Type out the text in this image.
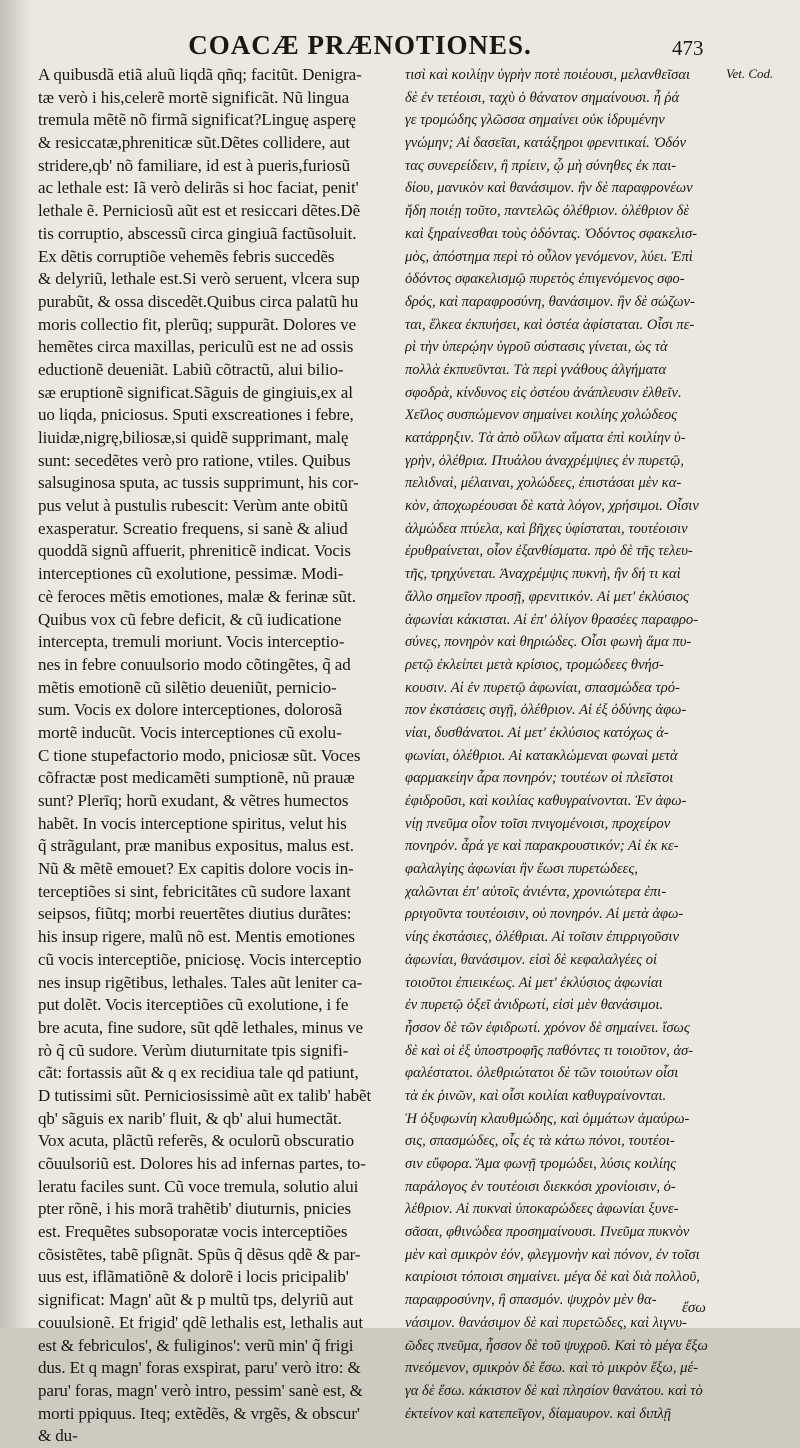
COACÆ PRÆNOTIONES.	473
Vet. Cod.
A quibusdã etiã aluũ liqdã qñq; facitũt. Denigra-
tæ verò i his,celerẽ mortẽ significãt. Nũ lingua
tremula mẽtẽ nõ firmã significat?Linguę asperę
& resiccatæ,phreniticæ sũt.Dẽtes collidere, aut
stridere,qb' nõ familiare, id est à pueris,furiosũ
ac lethale est: Iã verò delirãs si hoc faciat, penit'
lethale ẽ. Perniciosũ aũt est et resiccari dẽtes.Dẽ
tis corruptio, abscessũ circa gingiuã factũsoluit.
Ex dẽtis corruptiõe vehemẽs febris succedẽs
& delyriũ, lethale est.Si verò seruent, vlcera sup
purabũt, & ossa discedẽt.Quibus circa palatũ hu
moris collectio fit, plerũq; suppurãt. Dolores ve
hemẽtes circa maxillas, periculũ est ne ad ossis
eductionẽ deueniãt. Labiũ cõtractũ, alui bilio-
sæ eruptionẽ significat.Sãguis de gingiuis,ex al
uo liqda, pniciosus. Sputi exscreationes i febre,
liuidæ,nigrę,biliosæ,si quidẽ supprimant, malę
sunt: secedẽtes verò pro ratione, vtiles. Quibus
salsuginosa sputa, ac tussis supprimunt, his cor-
pus velut à pustulis rubescit: Verùm ante obitũ
exasperatur. Screatio frequens, si sanè & aliud
quoddã signũ affuerit, phreniticẽ indicat. Vocis
interceptiones cũ exolutione, pessimæ. Modi-
cè feroces mẽtis emotiones, malæ & ferinæ sũt.
Quibus vox cũ febre deficit, & cũ iudicatione
intercepta, tremuli moriunt. Vocis interceptio-
nes in febre conuulsorio modo cõtingẽtes, q̃ ad
mẽtis emotionẽ cũ silẽtio deueniũt, pernicio-
sum. Vocis ex dolore interceptiones, dolorosã
mortẽ inducũt. Vocis interceptiones cũ exolu-
C tione stupefactorio modo, pniciosæ sũt. Voces
cõfractæ post medicamẽti sumptionẽ, nũ prauæ
sunt? Plerīq; horũ exudant, & vẽtres humectos
habẽt. In vocis interceptione spiritus, velut his
q̃ strãgulant, præ manibus expositus, malus est.
Nũ & mẽtẽ emouet? Ex capitis dolore vocis in-
terceptiões si sint, febricitãtes cũ sudore laxant
seipsos, fiũtq; morbi reuertẽtes diutius durãtes:
his insup rigere, malũ nõ est. Mentis emotiones
cũ vocis interceptiõe, pniciosę. Vocis interceptio
nes insup rigẽtibus, lethales. Tales aũt leniter ca-
put dolẽt. Vocis iterceptiões cũ exolutione, i fe
bre acuta, fine sudore, sũt qdẽ lethales, minus ve
rò q̃ cũ sudore. Verùm diuturnitate tpis signifi-
cãt: fortassis aũt & q ex recidiua tale qd patiunt,
D tutissimi sũt. Perniciosissimè aũt ex talib' habẽt
qb' sãguis ex narib' fluit, & qb' alui humectãt.
Vox acuta, plãctũ referẽs, & oculorũ obscuratio
cõuulsoriũ est. Dolores his ad infernas partes, to-
leratu faciles sunt. Cũ voce tremula, solutio alui
pter rõnẽ, i his morã trahẽtib' diuturnis, pnicies
est. Frequẽtes subsoporatæ vocis interceptiões
cõsistẽtes, tabẽ pſignãt. Spũs q̃ dẽsus qdẽ & par-
uus est, iflãmatiõnẽ & dolorẽ i locis pricipalib'
significat: Magn' aũt & p multũ tps, delyriũ aut
couulsionẽ. Et frigid' qdẽ lethalis est, lethalis aut
est & febriculos', & fuliginos': verũ min' q̃ frigi
dus. Et q magn' foras exspirat, paru' verò itro: &
paru' foras, magn' verò intro, pessim' sanè est, &
morti ppiquus. Iteq; extẽdẽs, & vrgẽs, & obscur'
& du-
τισὶ καὶ κοιλίῃν ὑγρὴν ποτὲ ποιέουσι, μελανθεῖσαι
δὲ ἐν τετέοισι, ταχὺ ὁ θάνατον σημαίνουσι. ἦ ῥά
γε τρομώδης γλῶσσα σημαίνει οὐκ ἱδρυμένην
γνώμην; Αἱ δασεῖαι, κατάξηροι φρενιτικαί. Ὀδόν
τας συνερείδειν, ἢ πρίειν, ᾧ μὴ σύνηθες ἐκ παι-
δίου, μανικὸν καὶ θανάσιμον. ἢν δὲ παραφρονέων
ἤδη ποιέῃ τοῦτο, παντελῶς ὀλέθριον. ὀλέθριον δὲ
καὶ ξηραίνεσθαι τοὺς ὀδόντας. Ὀδόντος σφακελισ-
μὸς, ἀπόστημα περὶ τὸ οὖλον γενόμενον, λύει. Ἐπὶ
ὀδόντος σφακελισμῷ πυρετὸς ἐπιγενόμενος σφο-
δρός, καὶ παραφροσύνη, θανάσιμον. ἢν δὲ σώζων-
ται, ἕλκεα ἐκπυήσει, καὶ ὀστέα ἀφίσταται. Οἷσι πε-
ρὶ τὴν ὑπερῴην ὑγροῦ σύστασις γίνεται, ὡς τὰ
πολλὰ ἐκπυεῦνται. Τὰ περὶ γνάθους ἀλγήματα
σφοδρὰ, κίνδυνος εἰς ὀστέου ἀνάπλευσιν ἐλθεῖν.
Χεῖλος συσπώμενον σημαίνει κοιλίης χολώδεος
κατάρρηξιν. Τὰ ἀπὸ οὔλων αἵματα ἐπὶ κοιλίην ὑ-
γρὴν, ὀλέθρια. Πτυάλου ἀναχρέμψιες ἐν πυρετῷ,
πελιδναὶ, μέλαιναι, χολώδεες, ἐπιστάσαι μὲν κα-
κὸν, ἀποχωρέουσαι δὲ κατὰ λόγον, χρήσιμοι. Οἷσιν
ἁλμώδεα πτύελα, καὶ βῆχες ὑφίσταται, τουτέοισιν
ἐρυθραίνεται, οἷον ἐξανθίσματα. πρὸ δὲ τῆς τελευ-
τῆς, τρηχύνεται. Ἀναχρέμψις πυκνὴ, ἢν δή τι καὶ
ἄλλο σημεῖον προσῇ, φρενιτικόν. Αἱ μετ' ἐκλύσιος
ἀφωνίαι κάκισται. Αἱ ἐπ' ὀλίγον θρασέες παραφρο-
σύνες, πονηρὸν καὶ θηριώδες. Οἷσι φωνὴ ἅμα πυ-
ρετῷ ἐκλείπει μετὰ κρίσιος, τρομώδεες θνήσ-
κουσιν. Αἱ ἐν πυρετῷ ἀφωνίαι, σπασμώδεα τρό-
πον ἐκστάσεις σιγῇ, ὀλέθριον. Αἱ ἐξ ὀδύνης ἀφω-
νίαι, δυσθάνατοι. Αἱ μετ' ἐκλύσιος κατόχως ἀ-
φωνίαι, ὀλέθριοι. Αἱ κατακλώμεναι φωναὶ μετὰ
φαρμακείην ἆρα πονηρόν; τουτέων οἱ πλεῖστοι
ἐφιδροῦσι, καὶ κοιλίας καθυγραίνονται. Ἐν ἀφω-
νίῃ πνεῦμα οἷον τοῖσι πνιγομένοισι, προχείρον
πονηρόν. ἆρά γε καὶ παρακρουστικόν; Αἱ ἐκ κε-
φαλαλγίης ἀφωνίαι ἢν ἔωσι πυρετώδεες,
χαλῶνται ἐπ' αὐτοῖς ἀνιέντα, χρονιώτερα ἐπι-
ρριγοῦντα τουτέοισιν, οὐ πονηρόν. Αἱ μετὰ ἀφω-
νίης ἐκστάσιες, ὀλέθριαι. Αἱ τοῖσιν ἐπιρριγοῦσιν
ἀφωνίαι, θανάσιμον. εἰσὶ δὲ κεφαλαλγέες οἱ
τοιοῦτοι ἐπιεικέως. Αἱ μετ' ἐκλύσιος ἀφωνίαι
ἐν πυρετῷ ὀξεῖ ἀνιδρωτί, εἰσὶ μὲν θανάσιμοι.
ἧσσον δὲ τῶν ἐφιδρωτί. χρόνον δὲ σημαίνει. ἴσως
δὲ καὶ οἱ ἐξ ὑποστροφῆς παθόντες τι τοιοῦτον, ἀσ-
φαλέστατοι. ὀλεθριώτατοι δὲ τῶν τοιούτων οἷσι
τὰ ἐκ ῥινῶν, καὶ οἷσι κοιλίαι καθυγραίνονται.
Ἡ ὀξυφωνίη κλαυθμώδης, καὶ ὀμμάτων ἀμαύρω-
σις, σπασμώδες, οἷς ἐς τὰ κάτω πόνοι, τουτέοι-
σιν εὔφορα. Ἅμα φωνῇ τρομώδει, λύσις κοιλίης
παράλογος ἐν τουτέοισι διεκκόσι χρονίοισιν, ὀ-
λέθριον. Αἱ πυκναὶ ὑποκαρώδεες ἀφωνίαι ξυνε-
σᾶσαι, φθινώδεα προσημαίνουσι. Πνεῦμα πυκνὸν
μὲν καὶ σμικρὸν ἐόν, φλεγμονὴν καὶ πόνον, ἐν τοῖσι
καιρίοισι τόποισι σημαίνει. μέγα δὲ καὶ διὰ πολλοῦ,
παραφροσύνην, ἢ σπασμόν. ψυχρὸν μὲν θα-
νάσιμον. θανάσιμον δὲ καὶ πυρετῶδες, καὶ λιγνυ-
ῶδες πνεῦμα, ἧσσον δὲ τοῦ ψυχροῦ. Καὶ τὸ μέγα ἔξω
πνεόμενον, σμικρὸν δὲ ἔσω. καὶ τὸ μικρὸν ἔξω, μέ-
γα δὲ ἔσω. κάκιστον δὲ καὶ πλησίον θανάτου. καὶ τὸ
ἐκτείνον καὶ κατεπεῖγον, δίαμαυρον. καὶ διπλῇ
ἔσω
